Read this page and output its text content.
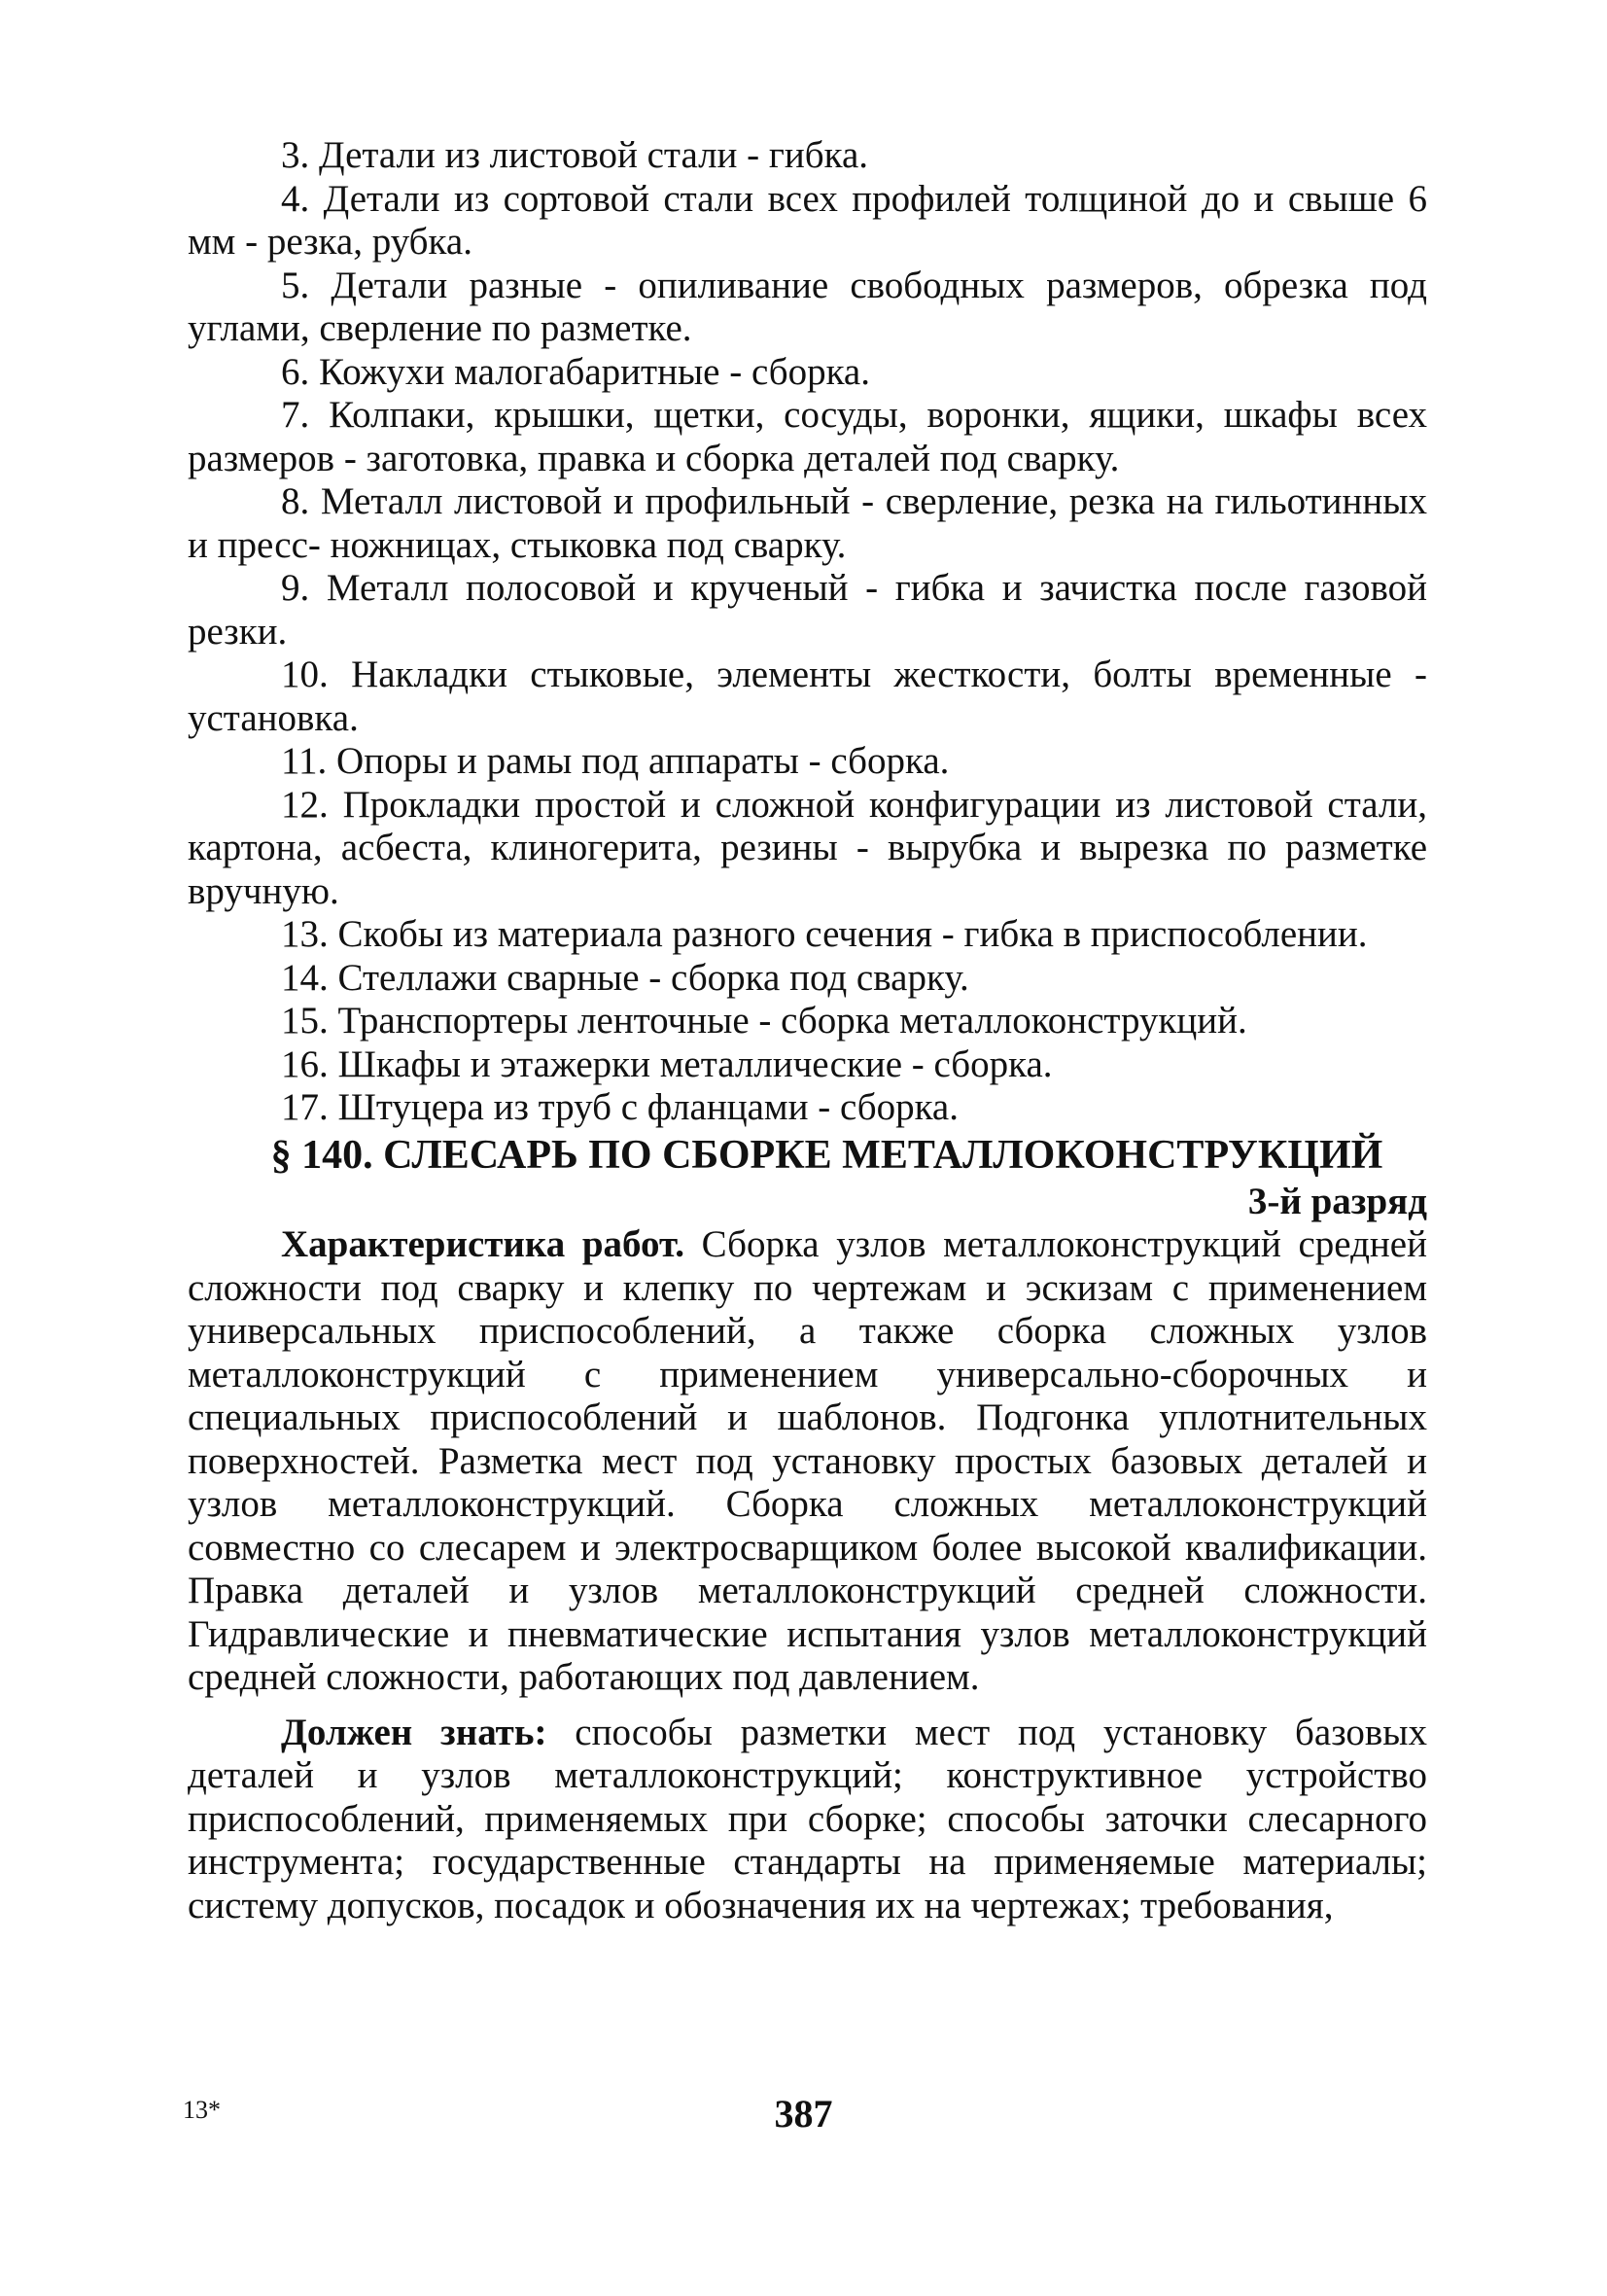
3. Детали из листовой стали - гибка.

4. Детали из сортовой стали всех профилей толщиной до и свыше 6 мм - резка, рубка.

5. Детали разные - опиливание свободных размеров, обрезка под углами, сверление по разметке.

6. Кожухи малогабаритные - сборка.

7. Колпаки, крышки, щетки, сосуды, воронки, ящики, шкафы всех размеров - заготовка, правка и сборка деталей под сварку.

8. Металл листовой и профильный - сверление, резка на гильотинных и пресс- ножницах, стыковка под сварку.

9. Металл полосовой и крученый - гибка и зачистка после газовой резки.

10. Накладки стыковые, элементы жесткости, болты временные - установка.

11. Опоры и рамы под аппараты - сборка.

12. Прокладки простой и сложной конфигурации из листовой стали, картона, асбеста, клиногерита, резины - вырубка и вырезка по разметке вручную.

13. Скобы из материала разного сечения - гибка в приспособлении.

14. Стеллажи сварные - сборка под сварку.

15. Транспортеры ленточные - сборка металлоконструкций.

16. Шкафы и этажерки металлические - сборка.

17. Штуцера из труб с фланцами - сборка.

§ 140. СЛЕСАРЬ ПО СБОРКЕ МЕТАЛЛОКОНСТРУКЦИЙ

3-й разряд

Характеристика работ. Сборка узлов металлоконструкций средней сложности под сварку и клепку по чертежам и эскизам с применением универсальных приспособлений, а также сборка сложных узлов металлоконструкций с применением универсально-сборочных и специальных приспособлений и шаблонов. Подгонка уплотнительных поверхностей. Разметка мест под установку простых базовых деталей и узлов металлоконструкций. Сборка сложных металлоконструкций совместно со слесарем и электросварщиком более высокой квалификации. Правка деталей и узлов металлоконструкций средней сложности. Гидравлические и пневматические испытания узлов металлоконструкций средней сложности, работающих под давлением.

Должен знать: способы разметки мест под установку базовых деталей и узлов металлоконструкций; конструктивное устройство приспособлений, применяемых при сборке; способы заточки слесарного инструмента; государственные стандарты на применяемые материалы; систему допусков, посадок и обозначения их на чертежах; требования,

13*	387
